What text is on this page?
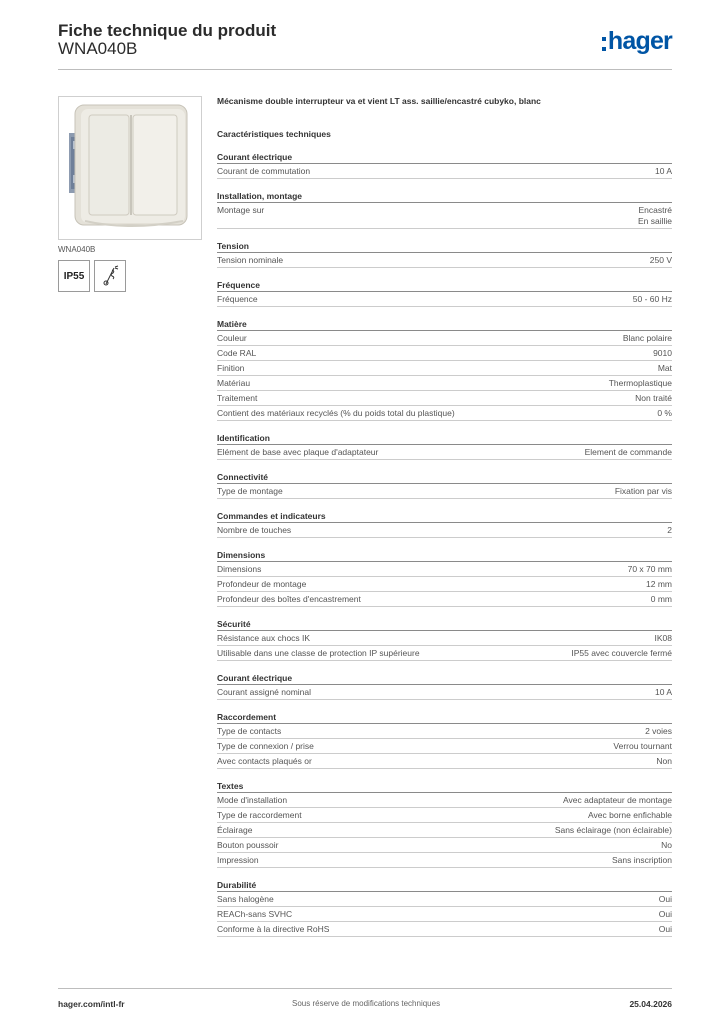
Fiche technique du produit
WNA040B	hager
WNA040B
IP55
Mécanisme double interrupteur va et vient LT ass. saillie/encastré cubyko, blanc
Caractéristiques techniques
Courant électrique
Courant de commutation	10 A
Installation, montage
Montage sur	Encastré
En saillie
Tension
Tension nominale	250 V
Fréquence
Fréquence	50 - 60 Hz
Matière
Couleur	Blanc polaire
Code RAL	9010
Finition	Mat
Matériau	Thermoplastique
Traitement	Non traité
Contient des matériaux recyclés (% du poids total du plastique)	0 %
Identification
Elément de base avec plaque d'adaptateur	Element de commande
Connectivité
Type de montage	Fixation par vis
Commandes et indicateurs
Nombre de touches	2
Dimensions
Dimensions	70 x 70 mm
Profondeur de montage	12 mm
Profondeur des boîtes d'encastrement	0 mm
Sécurité
Résistance aux chocs IK	IK08
Utilisable dans une classe de protection IP supérieure	IP55 avec couvercle fermé
Courant électrique
Courant assigné nominal	10 A
Raccordement
Type de contacts	2 voies
Type de connexion / prise	Verrou tournant
Avec contacts plaqués or	Non
Textes
Mode d'installation	Avec adaptateur de montage
Type de raccordement	Avec borne enfichable
Éclairage	Sans éclairage (non éclairable)
Bouton poussoir	No
Impression	Sans inscription
Durabilité
Sans halogène	Oui
REACh-sans SVHC	Oui
Conforme à la directive RoHS	Oui
hager.com/intl-fr	Sous réserve de modifications techniques	25.04.2026
